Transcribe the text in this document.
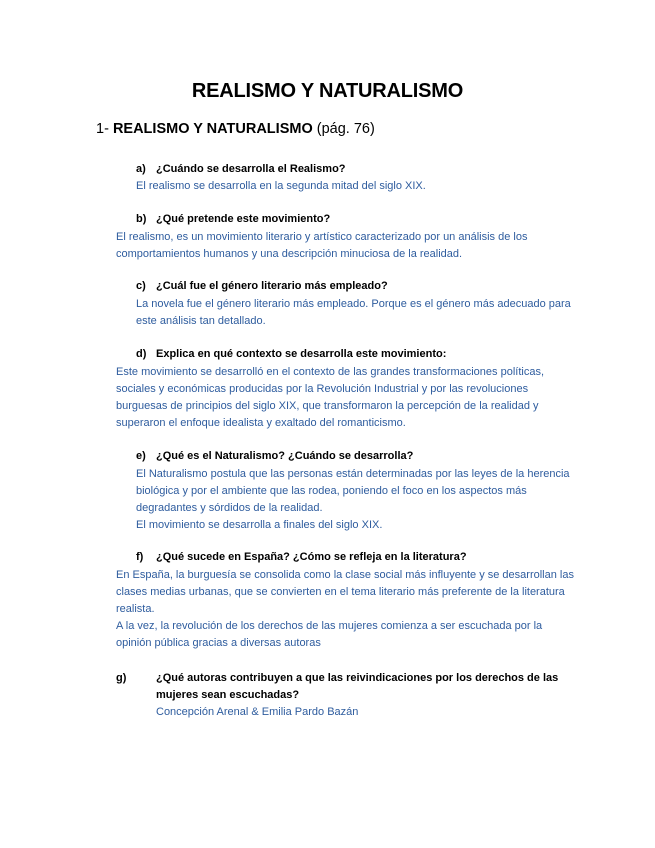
REALISMO Y NATURALISMO
1- REALISMO Y NATURALISMO (pág. 76)

a) ¿Cuándo se desarrolla el Realismo?

El realismo se desarrolla en la segunda mitad del siglo XIX.

b) ¿Qué pretende este movimiento?

El realismo, es un movimiento literario y artístico caracterizado por un análisis de los comportamientos humanos y una descripción minuciosa de la realidad.

c) ¿Cuál fue el género literario más empleado?

La novela fue el género literario más empleado. Porque es el género más adecuado para este análisis tan detallado.

d) Explica en qué contexto se desarrolla este movimiento:

Este movimiento se desarrolló en el contexto de las grandes transformaciones políticas, sociales y económicas producidas por la Revolución Industrial y por las revoluciones burguesas de principios del siglo XIX, que transformaron la percepción de la realidad y superaron el enfoque idealista y exaltado del romanticismo.

e) ¿Qué es el Naturalismo? ¿Cuándo se desarrolla?

El Naturalismo postula que las personas están determinadas por las leyes de la herencia biológica y por el ambiente que las rodea, poniendo el foco en los aspectos más degradantes y sórdidos de la realidad.

El movimiento se desarrolla a finales del siglo XIX.

f) ¿Qué sucede en España? ¿Cómo se refleja en la literatura?

En España, la burguesía se consolida como la clase social más influyente y se desarrollan las clases medias urbanas, que se convierten en el tema literario más preferente de la literatura realista.

A la vez, la revolución de los derechos de las mujeres comienza a ser escuchada por la opinión pública gracias a diversas autoras

g)	¿Qué autoras contribuyen a que las reivindicaciones por los derechos de las mujeres sean escuchadas?

Concepción Arenal & Emilia Pardo Bazán
